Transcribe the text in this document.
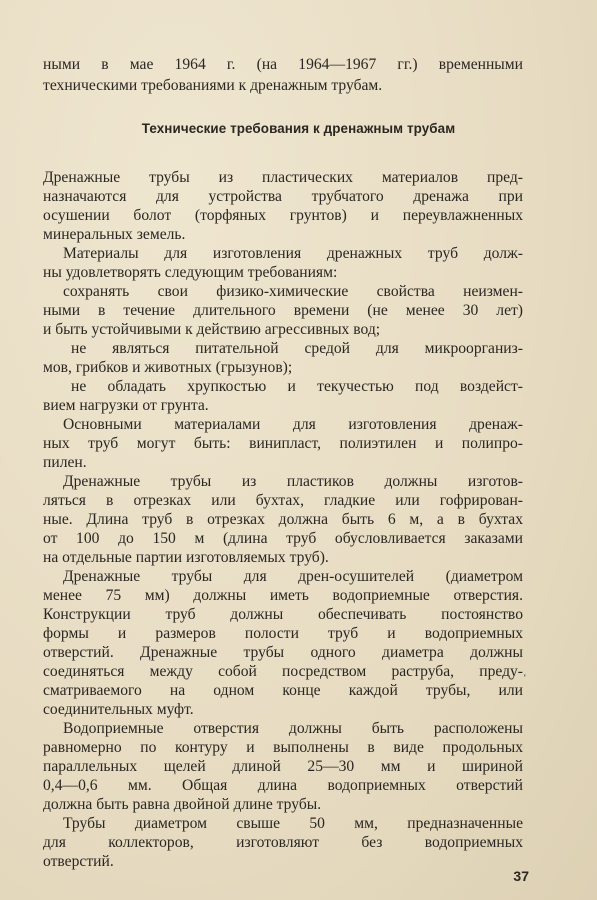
ными в мае 1964 г. (на 1964—1967 гг.) временными

техническими требованиями к дренажным трубам.

Технические требования к дренажным трубам

Дренажные трубы из пластических материалов пред-

назначаются для устройства трубчатого дренажа при

осушении болот (торфяных грунтов) и переувлажненных

минеральных земель.

Материалы для изготовления дренажных труб долж-

ны удовлетворять следующим требованиям:

сохранять свои физико-химические свойства неизмен-

ными в течение длительного времени (не менее 30 лет)

и быть устойчивыми к действию агрессивных вод;

не являться питательной средой для микроорганиз-

мов, грибков и животных (грызунов);

не обладать хрупкостью и текучестью под воздейст-

вием нагрузки от грунта.

Основными материалами для изготовления дренаж-

ных труб могут быть: винипласт, полиэтилен и полипро-

пилен.

Дренажные трубы из пластиков должны изготов-

ляться в отрезках или бухтах, гладкие или гофрирован-

ные. Длина труб в отрезках должна быть 6 м, а в бухтах

от 100 до 150 м (длина труб обусловливается заказами

на отдельные партии изготовляемых труб).

Дренажные трубы для дрен-осушителей (диаметром

менее 75 мм) должны иметь водоприемные отверстия.

Конструкции труб должны обеспечивать постоянство

формы и размеров полости труб и водоприемных

отверстий. Дренажные трубы одного диаметра должны

соединяться между собой посредством раструба, преду-

сматриваемого на одном конце каждой трубы, или

соединительных муфт.

Водоприемные отверстия должны быть расположены

равномерно по контуру и выполнены в виде продольных

параллельных щелей длиной 25—30 мм и шириной

0,4—0,6 мм. Общая длина водоприемных отверстий

должна быть равна двойной длине трубы.

Трубы диаметром свыше 50 мм, предназначенные

для коллекторов, изготовляют без водоприемных

отверстий.

ʻ
37
